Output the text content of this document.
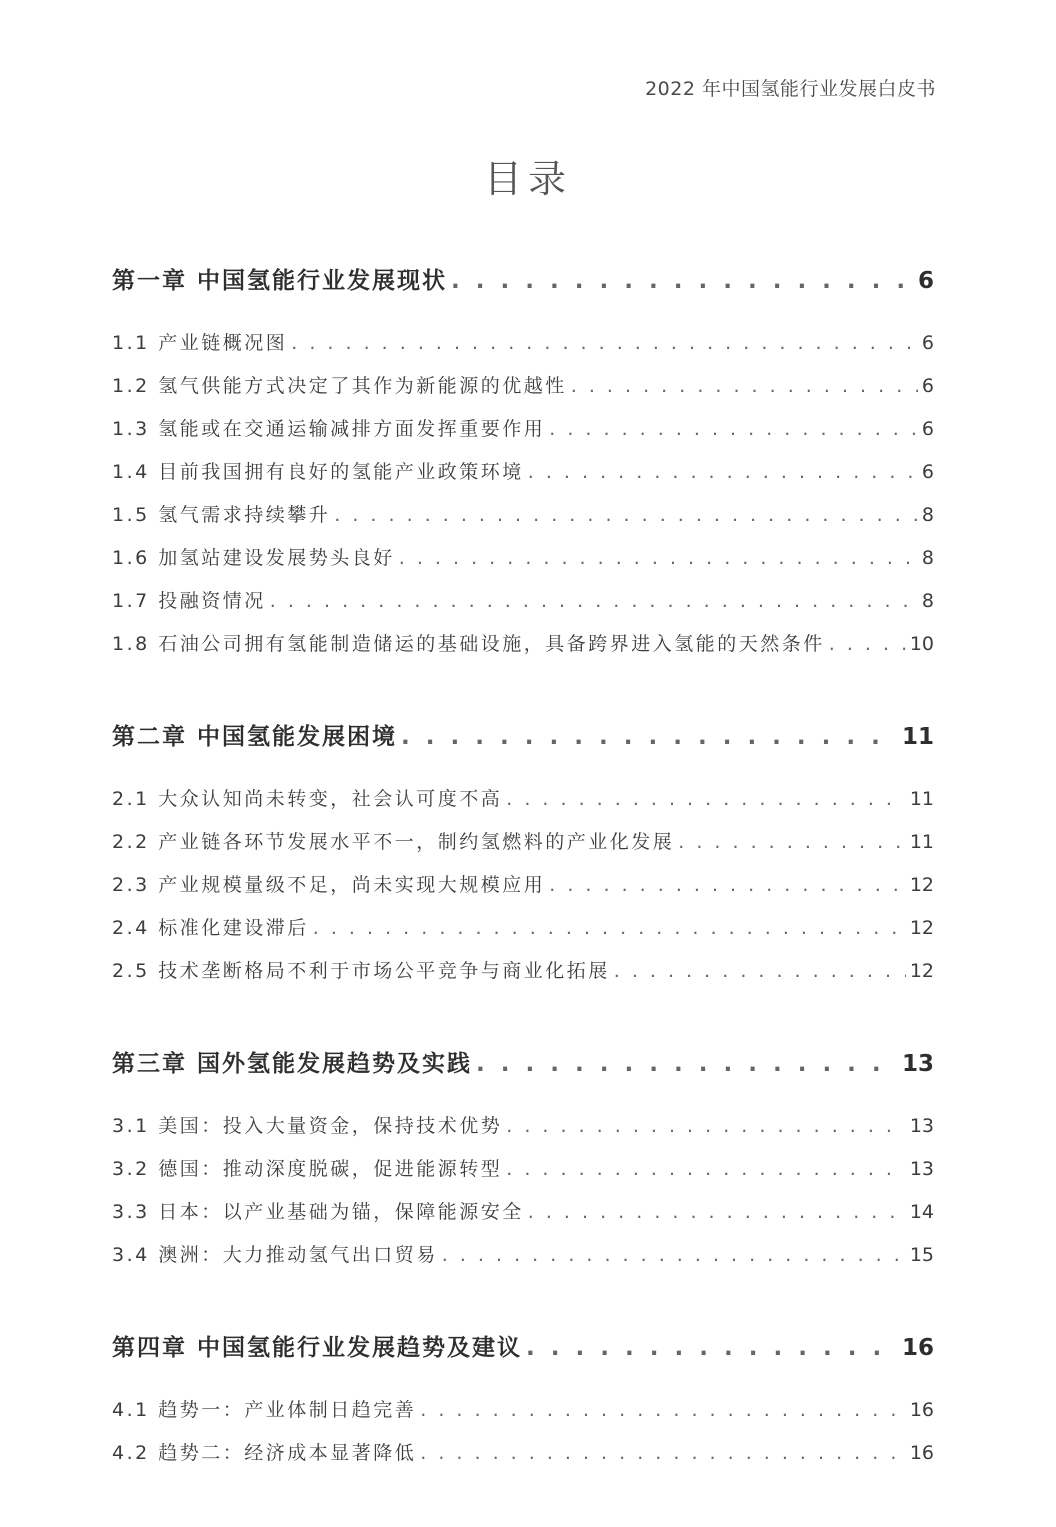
2022 年中国氢能行业发展白皮书
目录
第一章 中国氢能行业发展现状 . . .	6
1.1 产业链概况图 . . .	6
1.2 氢气供能方式决定了其作为新能源的优越性 . . .	6
1.3 氢能或在交通运输减排方面发挥重要作用 . . .	6
1.4 目前我国拥有良好的氢能产业政策环境 . . .	6
1.5 氢气需求持续攀升 . . .	8
1.6 加氢站建设发展势头良好 . . .	8
1.7 投融资情况 . . .	8
1.8 石油公司拥有氢能制造储运的基础设施，具备跨界进入氢能的天然条件 . . .	10
第二章 中国氢能发展困境 . . .	11
2.1 大众认知尚未转变，社会认可度不高 . . .	11
2.2 产业链各环节发展水平不一，制约氢燃料的产业化发展 . . .	11
2.3 产业规模量级不足，尚未实现大规模应用 . . .	12
2.4 标准化建设滞后 . . .	12
2.5 技术垄断格局不利于市场公平竞争与商业化拓展 . . .	12
第三章 国外氢能发展趋势及实践 . . .	13
3.1 美国：投入大量资金，保持技术优势 . . .	13
3.2 德国：推动深度脱碳，促进能源转型 . . .	13
3.3 日本：以产业基础为锚，保障能源安全 . . .	14
3.4 澳洲：大力推动氢气出口贸易 . . .	15
第四章 中国氢能行业发展趋势及建议 . . .	16
4.1 趋势一：产业体制日趋完善 . . .	16
4.2 趋势二：经济成本显著降低 . . .	16
